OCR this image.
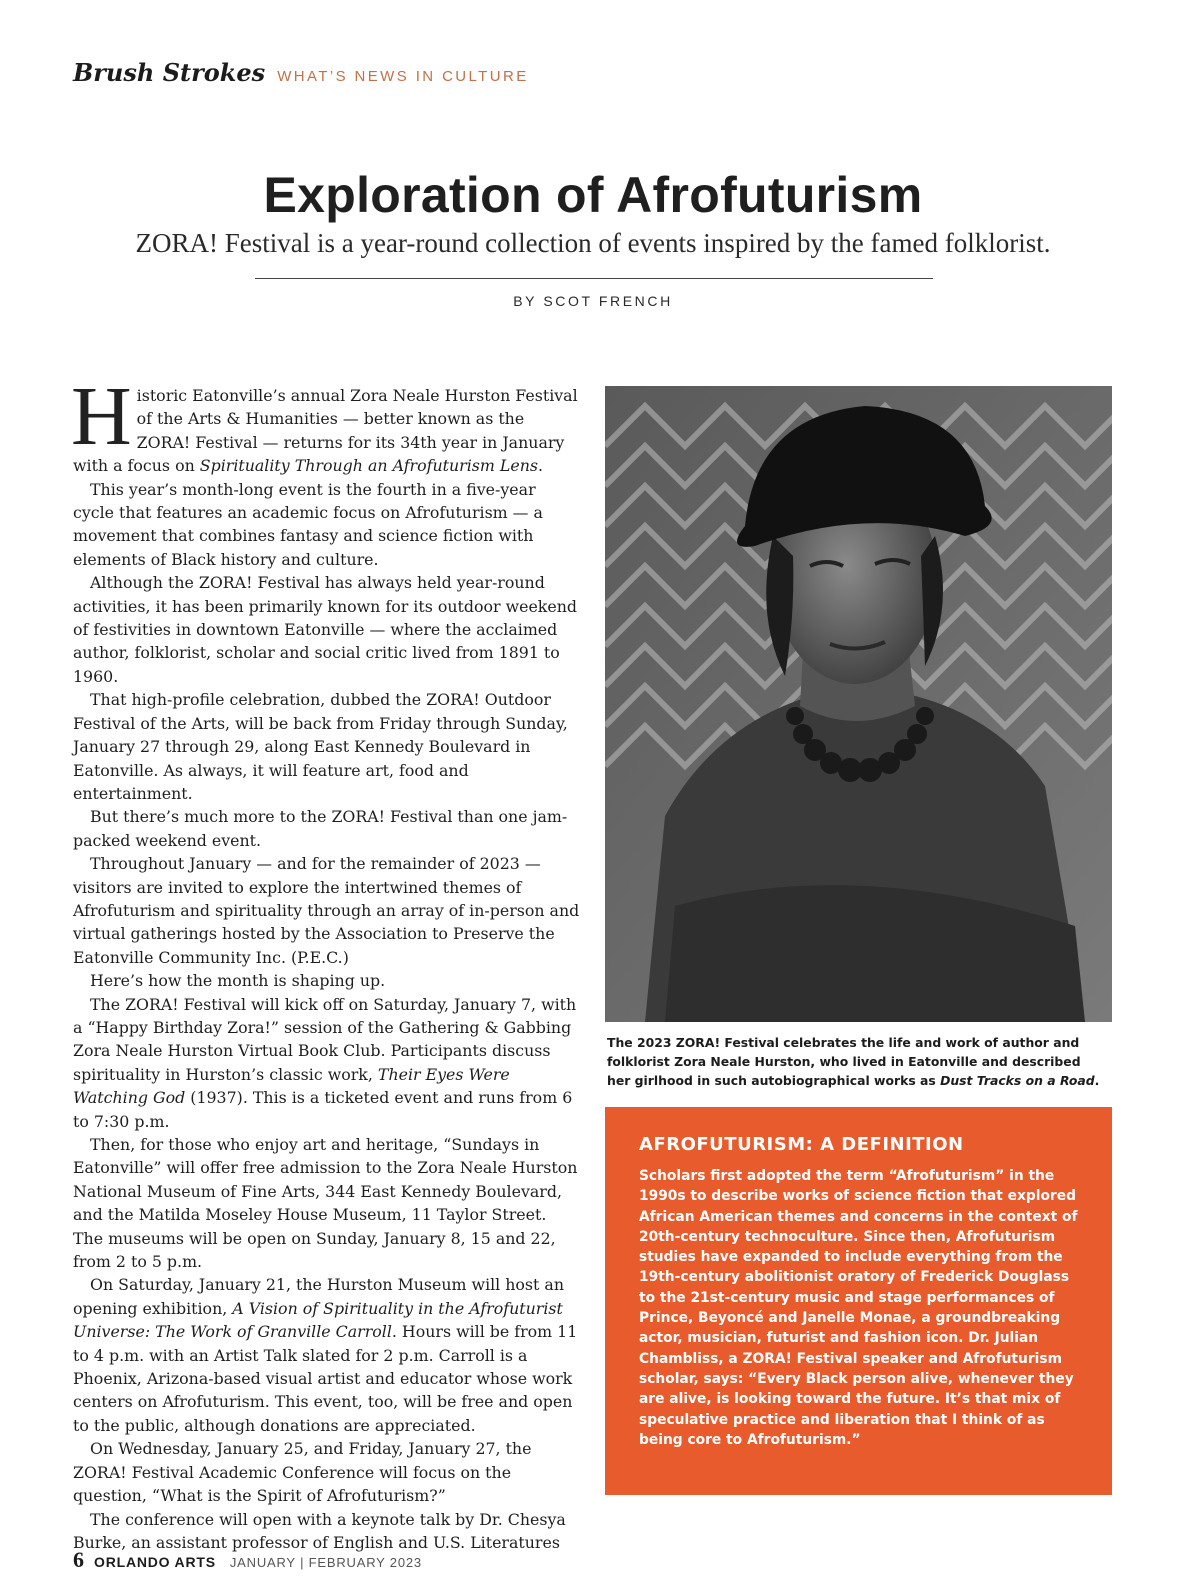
Brush Strokes WHAT’S NEWS IN CULTURE
Exploration of Afrofuturism
ZORA! Festival is a year-round collection of events inspired by the famed folklorist.
BY SCOT FRENCH

Historic Eatonville’s annual Zora Neale Hurston Festival of the Arts & Humanities — better known as the ZORA! Festival — returns for its 34th year in January with a focus on Spirituality Through an Afrofuturism Lens.

This year’s month-long event is the fourth in a five-year cycle that features an academic focus on Afrofuturism — a movement that combines fantasy and science fiction with elements of Black history and culture.

Although the ZORA! Festival has always held year-round activities, it has been primarily known for its outdoor weekend of festivities in downtown Eatonville — where the acclaimed author, folklorist, scholar and social critic lived from 1891 to 1960.

That high-profile celebration, dubbed the ZORA! Outdoor Festival of the Arts, will be back from Friday through Sunday, January 27 through 29, along East Kennedy Boulevard in Eatonville. As always, it will feature art, food and entertainment.

But there’s much more to the ZORA! Festival than one jam-packed weekend event.

Throughout January — and for the remainder of 2023 — visitors are invited to explore the intertwined themes of Afrofuturism and spirituality through an array of in-person and virtual gatherings hosted by the Association to Preserve the Eatonville Community Inc. (P.E.C.)

Here’s how the month is shaping up.

The ZORA! Festival will kick off on Saturday, January 7, with a “Happy Birthday Zora!” session of the Gathering & Gabbing Zora Neale Hurston Virtual Book Club. Participants discuss spirituality in Hurston’s classic work, Their Eyes Were Watching God (1937). This is a ticketed event and runs from 6 to 7:30 p.m.

Then, for those who enjoy art and heritage, “Sundays in Eatonville” will offer free admission to the Zora Neale Hurston National Museum of Fine Arts, 344 East Kennedy Boulevard, and the Matilda Moseley House Museum, 11 Taylor Street. The museums will be open on Sunday, January 8, 15 and 22, from 2 to 5 p.m.

On Saturday, January 21, the Hurston Museum will host an opening exhibition, A Vision of Spirituality in the Afrofuturist Universe: The Work of Granville Carroll. Hours will be from 11 to 4 p.m. with an Artist Talk slated for 2 p.m. Carroll is a Phoenix, Arizona-based visual artist and educator whose work centers on Afrofuturism. This event, too, will be free and open to the public, although donations are appreciated.

On Wednesday, January 25, and Friday, January 27, the ZORA! Festival Academic Conference will focus on the question, “What is the Spirit of Afrofuturism?”

The conference will open with a keynote talk by Dr. Chesya Burke, an assistant professor of English and U.S. Literatures

The 2023 ZORA! Festival celebrates the life and work of author and folklorist Zora Neale Hurston, who lived in Eatonville and described her girlhood in such autobiographical works as Dust Tracks on a Road.
AFROFUTURISM: A DEFINITION
Scholars first adopted the term “Afrofuturism” in the 1990s to describe works of science fiction that explored African American themes and concerns in the context of 20th-century technoculture. Since then, Afrofuturism studies have expanded to include everything from the 19th-century abolitionist oratory of Frederick Douglass to the 21st-century music and stage performances of Prince, Beyoncé and Janelle Monae, a groundbreaking actor, musician, futurist and fashion icon. Dr. Julian Chambliss, a ZORA! Festival speaker and Afrofuturism scholar, says: “Every Black person alive, whenever they are alive, is looking toward the future. It’s that mix of speculative practice and liberation that I think of as being core to Afrofuturism.”
6 ORLANDO ARTS JANUARY | FEBRUARY 2023
